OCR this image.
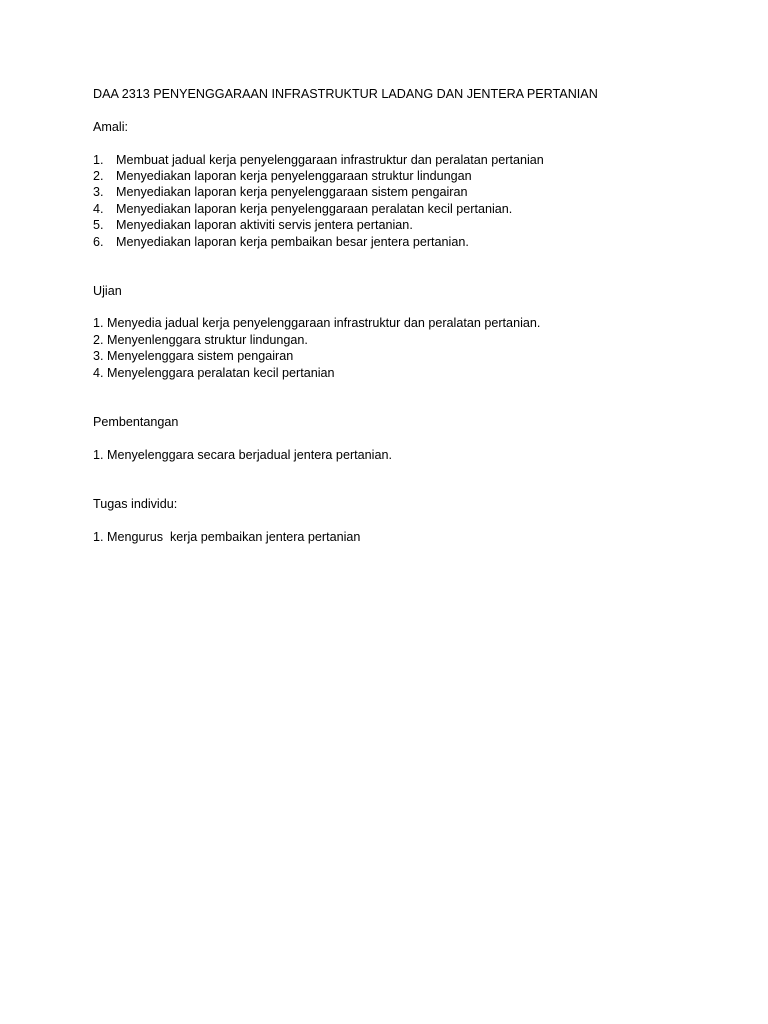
DAA 2313 PENYENGGARAAN INFRASTRUKTUR LADANG DAN JENTERA PERTANIAN
Amali:
1. Membuat jadual kerja penyelenggaraan infrastruktur dan peralatan pertanian
2. Menyediakan laporan kerja penyelenggaraan struktur lindungan
3. Menyediakan laporan kerja penyelenggaraan sistem pengairan
4. Menyediakan laporan kerja penyelenggaraan peralatan kecil pertanian.
5. Menyediakan laporan aktiviti servis jentera pertanian.
6. Menyediakan laporan kerja pembaikan besar jentera pertanian.
Ujian
1. Menyedia jadual kerja penyelenggaraan infrastruktur dan peralatan pertanian.
2. Menyenlenggara struktur lindungan.
3. Menyelenggara sistem pengairan
4. Menyelenggara peralatan kecil pertanian
Pembentangan
1. Menyelenggara secara berjadual jentera pertanian.
Tugas individu:
1. Mengurus  kerja pembaikan jentera pertanian
